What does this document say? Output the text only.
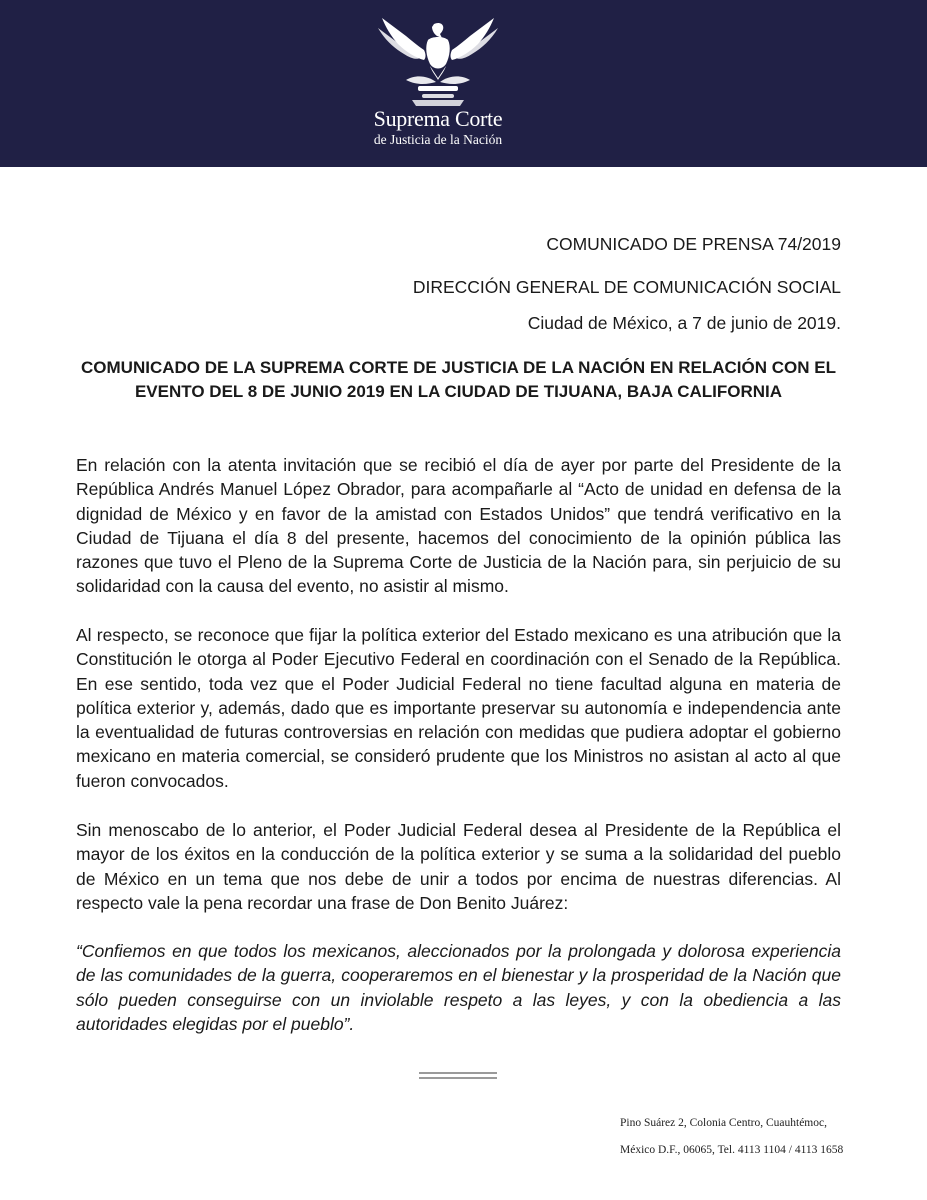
Suprema Corte
de Justicia de la Nación
COMUNICADO DE PRENSA 74/2019
DIRECCIÓN GENERAL DE COMUNICACIÓN SOCIAL
Ciudad de México, a 7 de junio de 2019.
COMUNICADO DE LA SUPREMA CORTE DE JUSTICIA DE LA NACIÓN EN RELACIÓN CON EL EVENTO DEL 8 DE JUNIO 2019 EN LA CIUDAD DE TIJUANA, BAJA CALIFORNIA

En relación con la atenta invitación que se recibió el día de ayer por parte del Presidente de la República Andrés Manuel López Obrador, para acompañarle al “Acto de unidad en defensa de la dignidad de México y en favor de la amistad con Estados Unidos” que tendrá verificativo en la Ciudad de Tijuana el día 8 del presente, hacemos del conocimiento de la opinión pública las razones que tuvo el Pleno de la Suprema Corte de Justicia de la Nación para, sin perjuicio de su solidaridad con la causa del evento, no asistir al mismo.

Al respecto, se reconoce que fijar la política exterior del Estado mexicano es una atribución que la Constitución le otorga al Poder Ejecutivo Federal en coordinación con el Senado de la República. En ese sentido, toda vez que el Poder Judicial Federal no tiene facultad alguna en materia de política exterior y, además, dado que es importante preservar su autonomía e independencia ante la eventualidad de futuras controversias en relación con medidas que pudiera adoptar el gobierno mexicano en materia comercial, se consideró prudente que los Ministros no asistan al acto al que fueron convocados.

Sin menoscabo de lo anterior, el Poder Judicial Federal desea al Presidente de la República el mayor de los éxitos en la conducción de la política exterior y se suma a la solidaridad del pueblo de México en un tema que nos debe de unir a todos por encima de nuestras diferencias. Al respecto vale la pena recordar una frase de Don Benito Juárez:

“Confiemos en que todos los mexicanos, aleccionados por la prolongada y dolorosa experiencia de las comunidades de la guerra, cooperaremos en el bienestar y la prosperidad de la Nación que sólo pueden conseguirse con un inviolable respeto a las leyes, y con la obediencia a las autoridades elegidas por el pueblo”.

Pino Suárez 2, Colonia Centro, Cuauhtémoc,
México D.F., 06065, Tel. 4113 1104 / 4113 1658
